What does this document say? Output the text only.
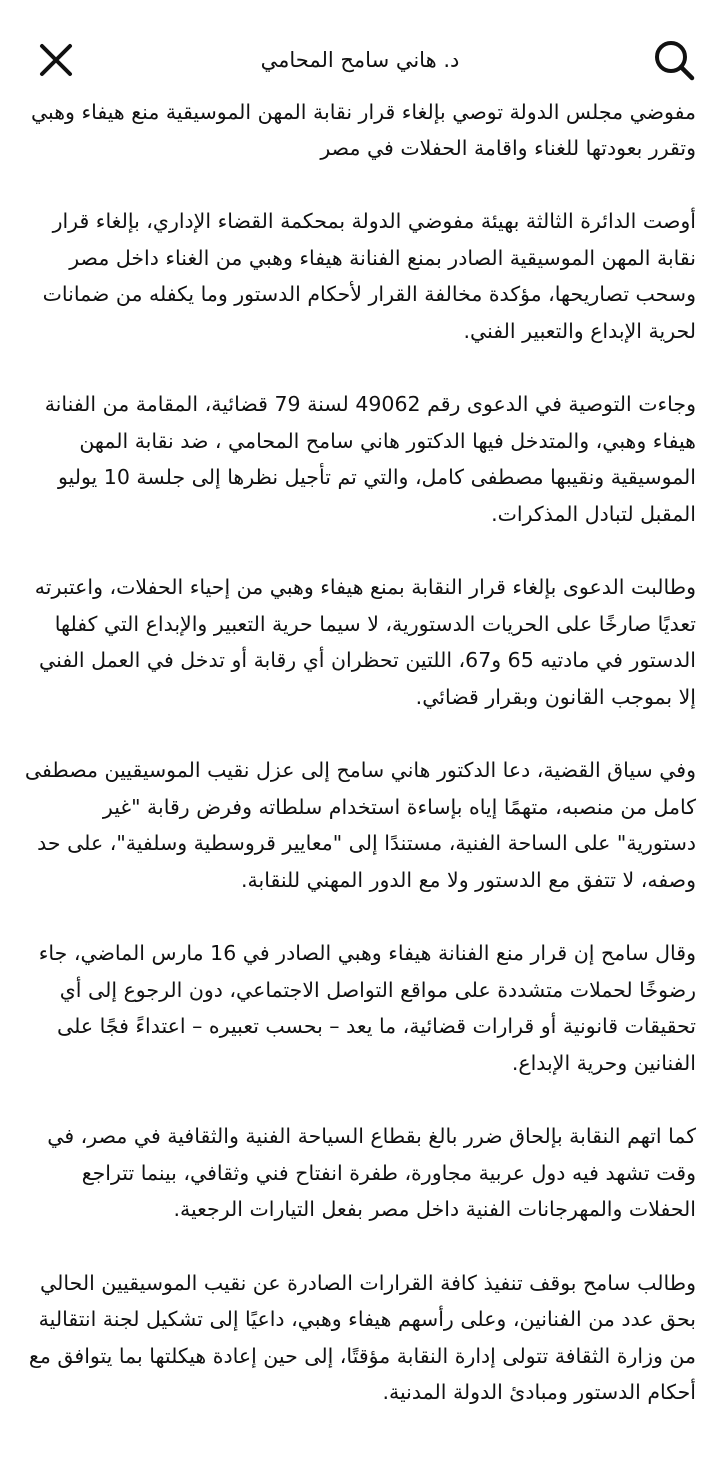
د. هاني سامح المحامي

مفوضي مجلس الدولة توصي بإلغاء قرار نقابة المهن الموسيقية منع هيفاء وهبي وتقرر بعودتها للغناء واقامة الحفلات في مصر

أوصت الدائرة الثالثة بهيئة مفوضي الدولة بمحكمة القضاء الإداري، بإلغاء قرار نقابة المهن الموسيقية الصادر بمنع الفنانة هيفاء وهبي من الغناء داخل مصر وسحب تصاريحها، مؤكدة مخالفة القرار لأحكام الدستور وما يكفله من ضمانات لحرية الإبداع والتعبير الفني.

وجاءت التوصية في الدعوى رقم 49062 لسنة 79 قضائية، المقامة من الفنانة هيفاء وهبي، والمتدخل فيها الدكتور هاني سامح المحامي ، ضد نقابة المهن الموسيقية ونقيبها مصطفى كامل، والتي تم تأجيل نظرها إلى جلسة 10 يوليو المقبل لتبادل المذكرات.

وطالبت الدعوى بإلغاء قرار النقابة بمنع هيفاء وهبي من إحياء الحفلات، واعتبرته تعديًا صارخًا على الحريات الدستورية، لا سيما حرية التعبير والإبداع التي كفلها الدستور في مادتيه 65 و67، اللتين تحظران أي رقابة أو تدخل في العمل الفني إلا بموجب القانون وبقرار قضائي.

وفي سياق القضية، دعا الدكتور هاني سامح إلى عزل نقيب الموسيقيين مصطفى كامل من منصبه، متهمًا إياه بإساءة استخدام سلطاته وفرض رقابة "غير دستورية" على الساحة الفنية، مستندًا إلى "معايير قروسطية وسلفية"، على حد وصفه، لا تتفق مع الدستور ولا مع الدور المهني للنقابة.

وقال سامح إن قرار منع الفنانة هيفاء وهبي الصادر في 16 مارس الماضي، جاء رضوخًا لحملات متشددة على مواقع التواصل الاجتماعي، دون الرجوع إلى أي تحقيقات قانونية أو قرارات قضائية، ما يعد – بحسب تعبيره – اعتداءً فجًا على الفنانين وحرية الإبداع.

كما اتهم النقابة بإلحاق ضرر بالغ بقطاع السياحة الفنية والثقافية في مصر، في وقت تشهد فيه دول عربية مجاورة، طفرة انفتاح فني وثقافي، بينما تتراجع الحفلات والمهرجانات الفنية داخل مصر بفعل التيارات الرجعية.

وطالب سامح بوقف تنفيذ كافة القرارات الصادرة عن نقيب الموسيقيين الحالي بحق عدد من الفنانين، وعلى رأسهم هيفاء وهبي، داعيًا إلى تشكيل لجنة انتقالية من وزارة الثقافة تتولى إدارة النقابة مؤقتًا، إلى حين إعادة هيكلتها بما يتوافق مع أحكام الدستور ومبادئ الدولة المدنية.
